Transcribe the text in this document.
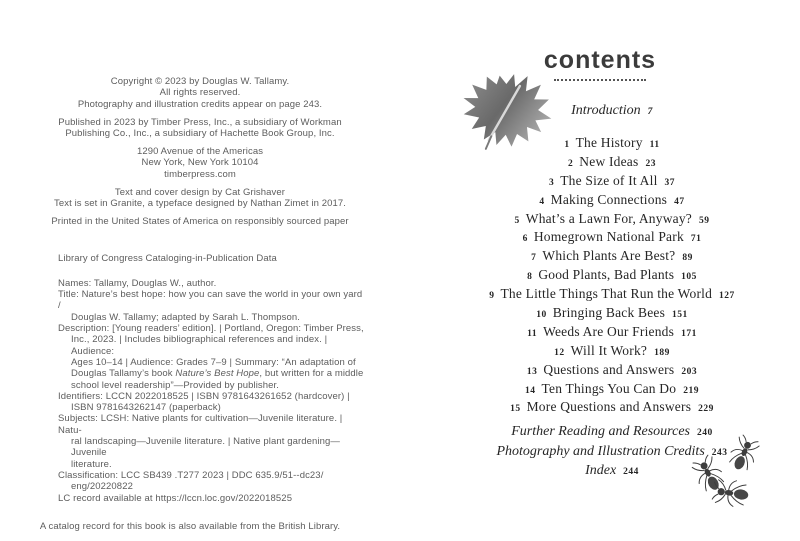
Copyright © 2023 by Douglas W. Tallamy.
All rights reserved.
Photography and illustration credits appear on page 243.
Published in 2023 by Timber Press, Inc., a subsidiary of Workman
Publishing Co., Inc., a subsidiary of Hachette Book Group, Inc.
1290 Avenue of the Americas
New York, New York 10104
timberpress.com
Text and cover design by Cat Grishaver
Text is set in Granite, a typeface designed by Nathan Zimet in 2017.
Printed in the United States of America on responsibly sourced paper
Library of Congress Cataloging-in-Publication Data
Names: Tallamy, Douglas W., author.
Title: Nature’s best hope: how you can save the world in your own yard /
Douglas W. Tallamy; adapted by Sarah L. Thompson.
Description: [Young readers’ edition]. | Portland, Oregon: Timber Press,
Inc., 2023. | Includes bibliographical references and index. | Audience:
Ages 10–14 | Audience: Grades 7–9 | Summary: “An adaptation of
Douglas Tallamy’s book Nature’s Best Hope, but written for a middle
school level readership”—Provided by publisher.
Identifiers: LCCN 2022018525 | ISBN 9781643261652 (hardcover) |
ISBN 9781643262147 (paperback)
Subjects: LCSH: Native plants for cultivation—Juvenile literature. | Natu-
ral landscaping—Juvenile literature. | Native plant gardening—Juvenile
literature.
Classification: LCC SB439 .T277 2023 | DDC 635.9/51--dc23/
eng/20220822
LC record available at https://lccn.loc.gov/2022018525
A catalog record for this book is also available from the British Library.
contents
Introduction 7
1 The History 11
2 New Ideas 23
3 The Size of It All 37
4 Making Connections 47
5 What’s a Lawn For, Anyway? 59
6 Homegrown National Park 71
7 Which Plants Are Best? 89
8 Good Plants, Bad Plants 105
9 The Little Things That Run the World 127
10 Bringing Back Bees 151
11 Weeds Are Our Friends 171
12 Will It Work? 189
13 Questions and Answers 203
14 Ten Things You Can Do 219
15 More Questions and Answers 229
Further Reading and Resources 240
Photography and Illustration Credits 243
Index 244
